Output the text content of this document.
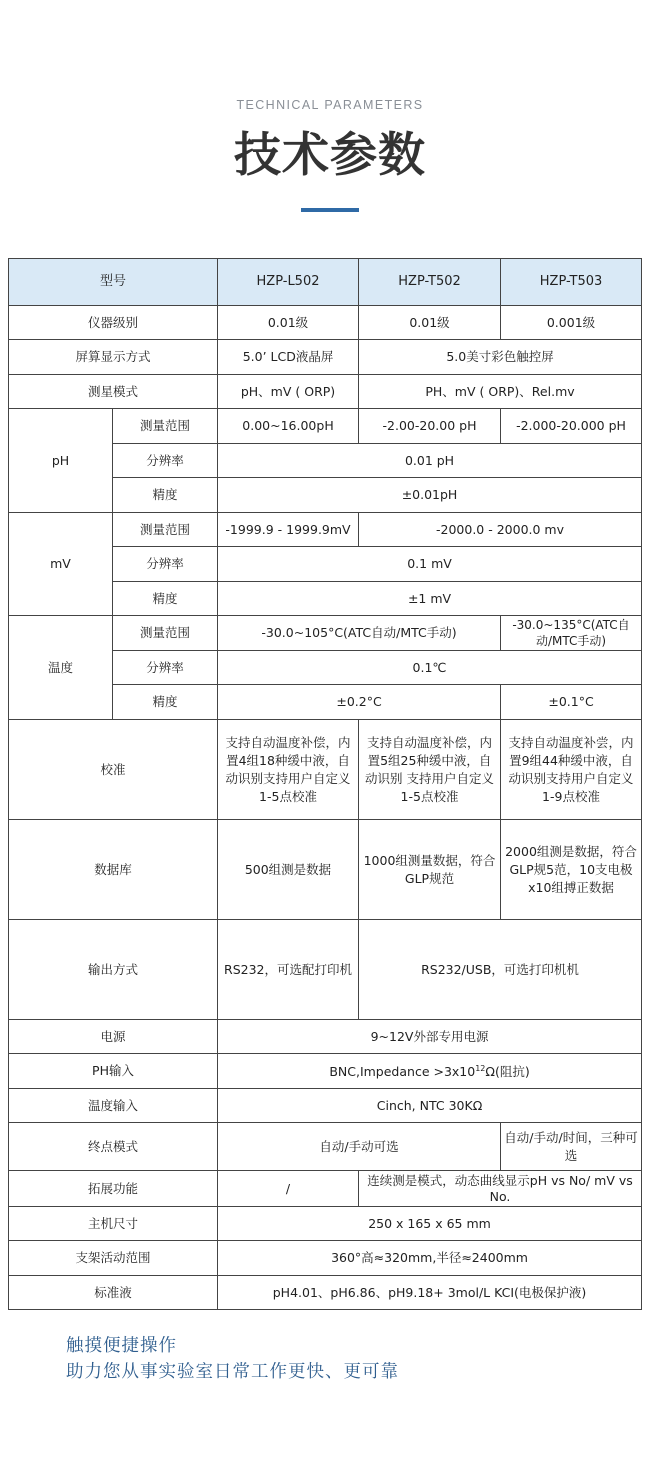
TECHNICAL PARAMETERS
技术参数
型号		HZP-L502	HZP-T502	HZP-T503
仪器级别		0.01级	0.01级	0.001级
屏算显示方式		5.0’ LCD液晶屏	5.0美寸彩色触控屏	
测星模式		pH、mV ( ORP)	PH、mV ( ORP)、Rel.mv	
pH	测量范围	0.00~16.00pH	-2.00-20.00 pH	-2.000-20.000 pH
	分辨率	0.01 pH		
	精度	±0.01pH		
mV	测量范围	-1999.9 - 1999.9mV	-2000.0 - 2000.0 mv	
	分辨率	0.1 mV		
	精度	±1 mV		
温度	测量范围	-30.0~105°C(ATC自动/MTC手动)		-30.0~135°C(ATC自动/MTC手动)
	分辨率	0.1℃		
	精度	±0.2°C		±0.1°C
校准		支持自动温度补偿，内置4组18种缓中液，自动识别支持用户自定义1-5点校准	支持自动温度补偿，内置5组25种缓中液，自动识别 支持用户自定义1-5点校准	支持自动温度补尝，内置9组44种缓中液，自动识别支持用户自定义1-9点校准
数据库		500组测是数据	1000组测量数据，符合GLP规范	2000组测是数据，符合GLP规5范，10支电极x10组搏正数据
输出方式		RS232，可选配打印机	RS232/USB，可选打印机机	
电源		9~12V外部专用电源		
PH输入		BNC,Impedance $>3x10^{12}\Omega$(阻抗)		
温度输入		Cinch, NTC 30KΩ		
终点模式		自动/手动可选		自动/手动/时间，三种可选
拓展功能		/	连续测是模式，动态曲线显示pH vs No/ mV vs No.	
主机尺寸		250 x 165 x 65 mm		
支架活动范围		360°高≈320mm,半径≈2400mm		
标准液		pH4.01、pH6.86、pH9.18+ 3mol/L KCI(电极保护液)		
触摸便捷操作
助力您从事实验室日常工作更快、更可靠
